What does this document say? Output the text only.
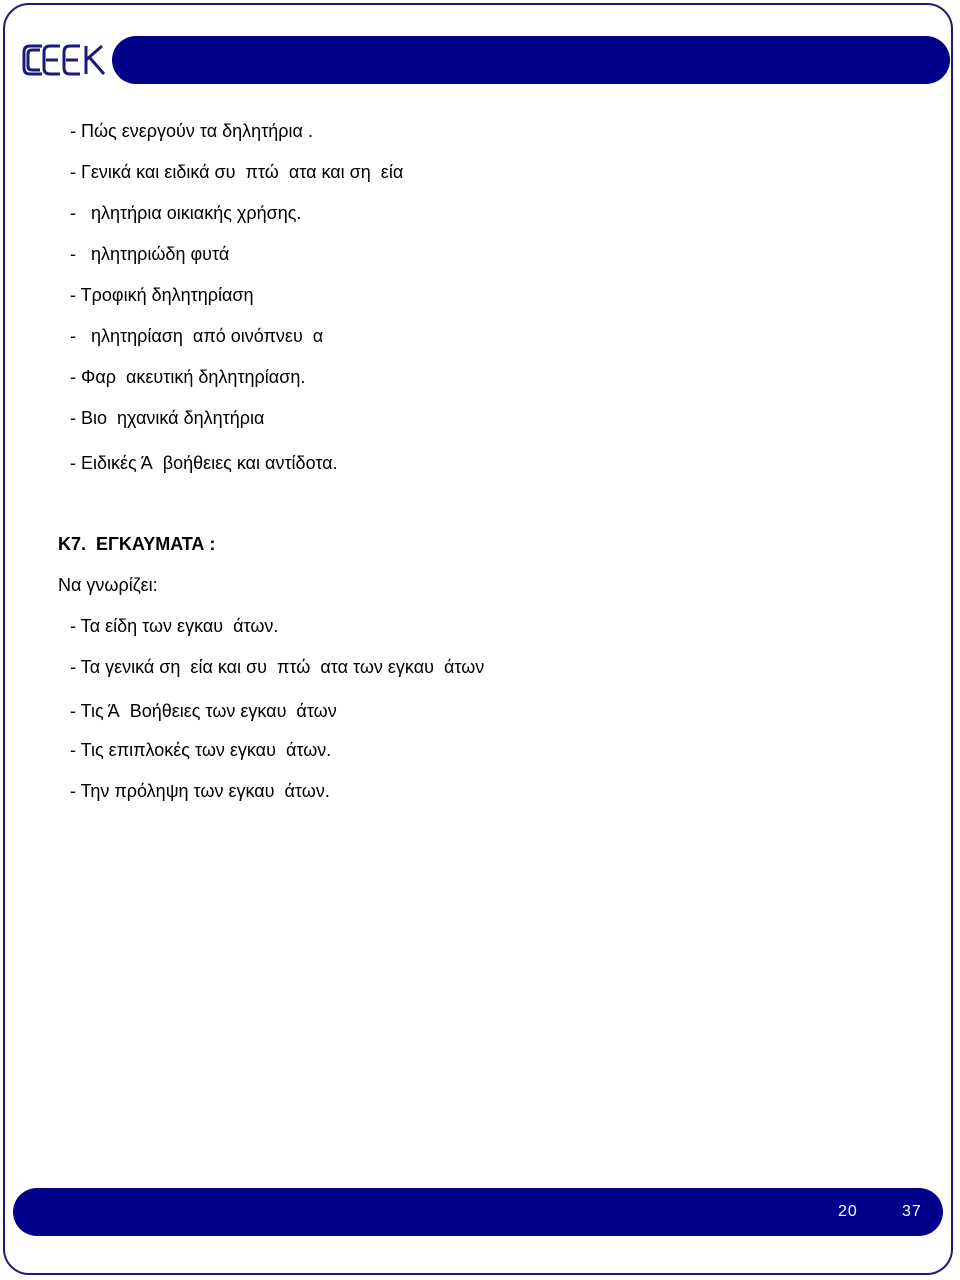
- Πώς ενεργούν τα δηλητήρια .
- Γενικά και ειδικά συ  πτώ  ατα και ση  εία
-   ηλητήρια οικιακής χρήσης.
-   ηλητηριώδη φυτά
- Τροφική δηλητηρίαση
-   ηλητηρίαση  από οινόπνευ  α
- Φαρ  ακευτική δηλητηρίαση.
- Βιο  ηχανικά δηλητήρια
- Ειδικές Ά  βοήθειες και αντίδοτα.
Κ7.  ΕΓΚΑΥΜΑΤΑ :
Να γνωρίζει:
- Τα είδη των εγκαυ  άτων.
- Τα γενικά ση  εία και συ  πτώ  ατα των εγκαυ  άτων
- Τις Ά  Βοήθειες των εγκαυ  άτων
- Τις επιπλοκές των εγκαυ  άτων.
- Την πρόληψη των εγκαυ  άτων.
20	37
